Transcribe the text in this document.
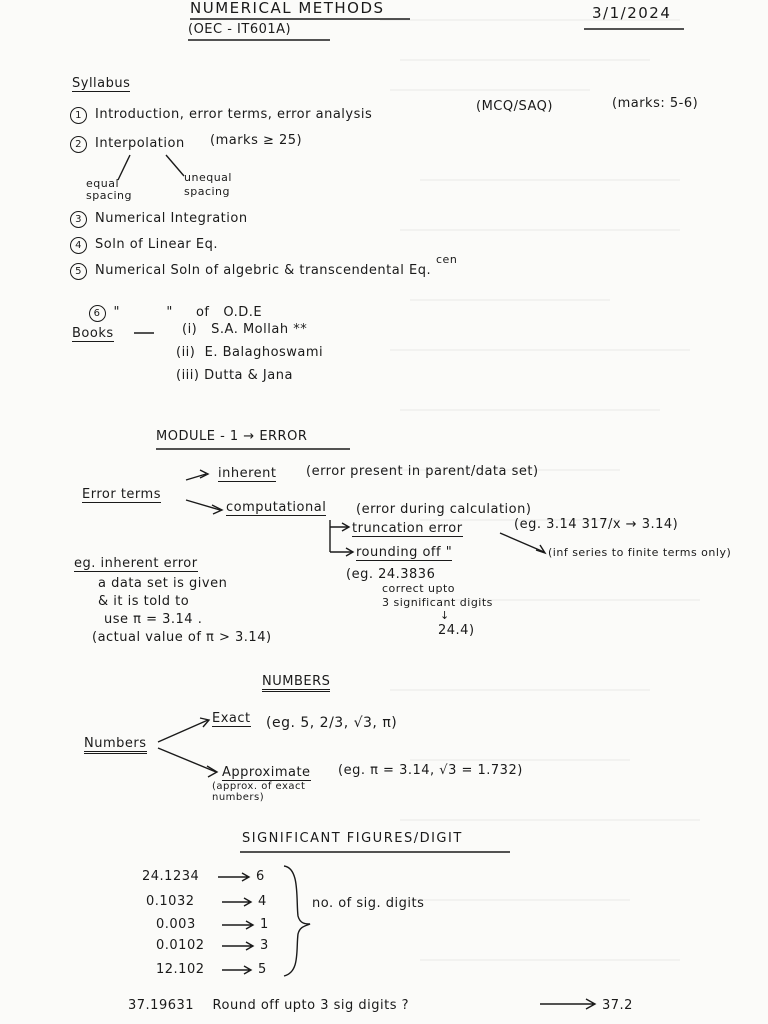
NUMERICAL METHODS
(OEC - IT601A)
3/1/2024
Syllabus
1 Introduction, error terms, error analysis
(MCQ/SAQ)	(marks: 5-6)
2 Interpolation (marks ≥ 25)
equal spacing
unequal spacing
3 Numerical Integration
4 Soln of Linear Eq.
cen
5 Numerical Soln of algebric & transcendental Eq.

6 "          "     of   O.D.E

Books	(i)   S.A. Mollah **
(ii)  E. Balaghoswami
(iii) Dutta & Jana
MODULE - 1 → ERROR
Error terms
inherent (error present in parent/data set)
computational (error during calculation)
truncation error	(eg. 3.14 317/x → 3.14)
rounding off "	(inf series to finite terms only)
(eg. 24.3836
correct upto
3 significant digits
↓
24.4)
eg. inherent error
a data set is given
& it is told to
use π = 3.14 .
(actual value of π > 3.14)
NUMBERS
Numbers
Exact (eg. 5, 2/3, √3, π)
Approximate
(approx. of exact numbers)
(eg. π = 3.14, √3 = 1.732)
SIGNIFICANT FIGURES/DIGIT
24.1234	6
0.1032	4
0.003	1
0.0102	3
12.102	5
no. of sig. digits
37.19631    Round off upto 3 sig digits ?	37.2
